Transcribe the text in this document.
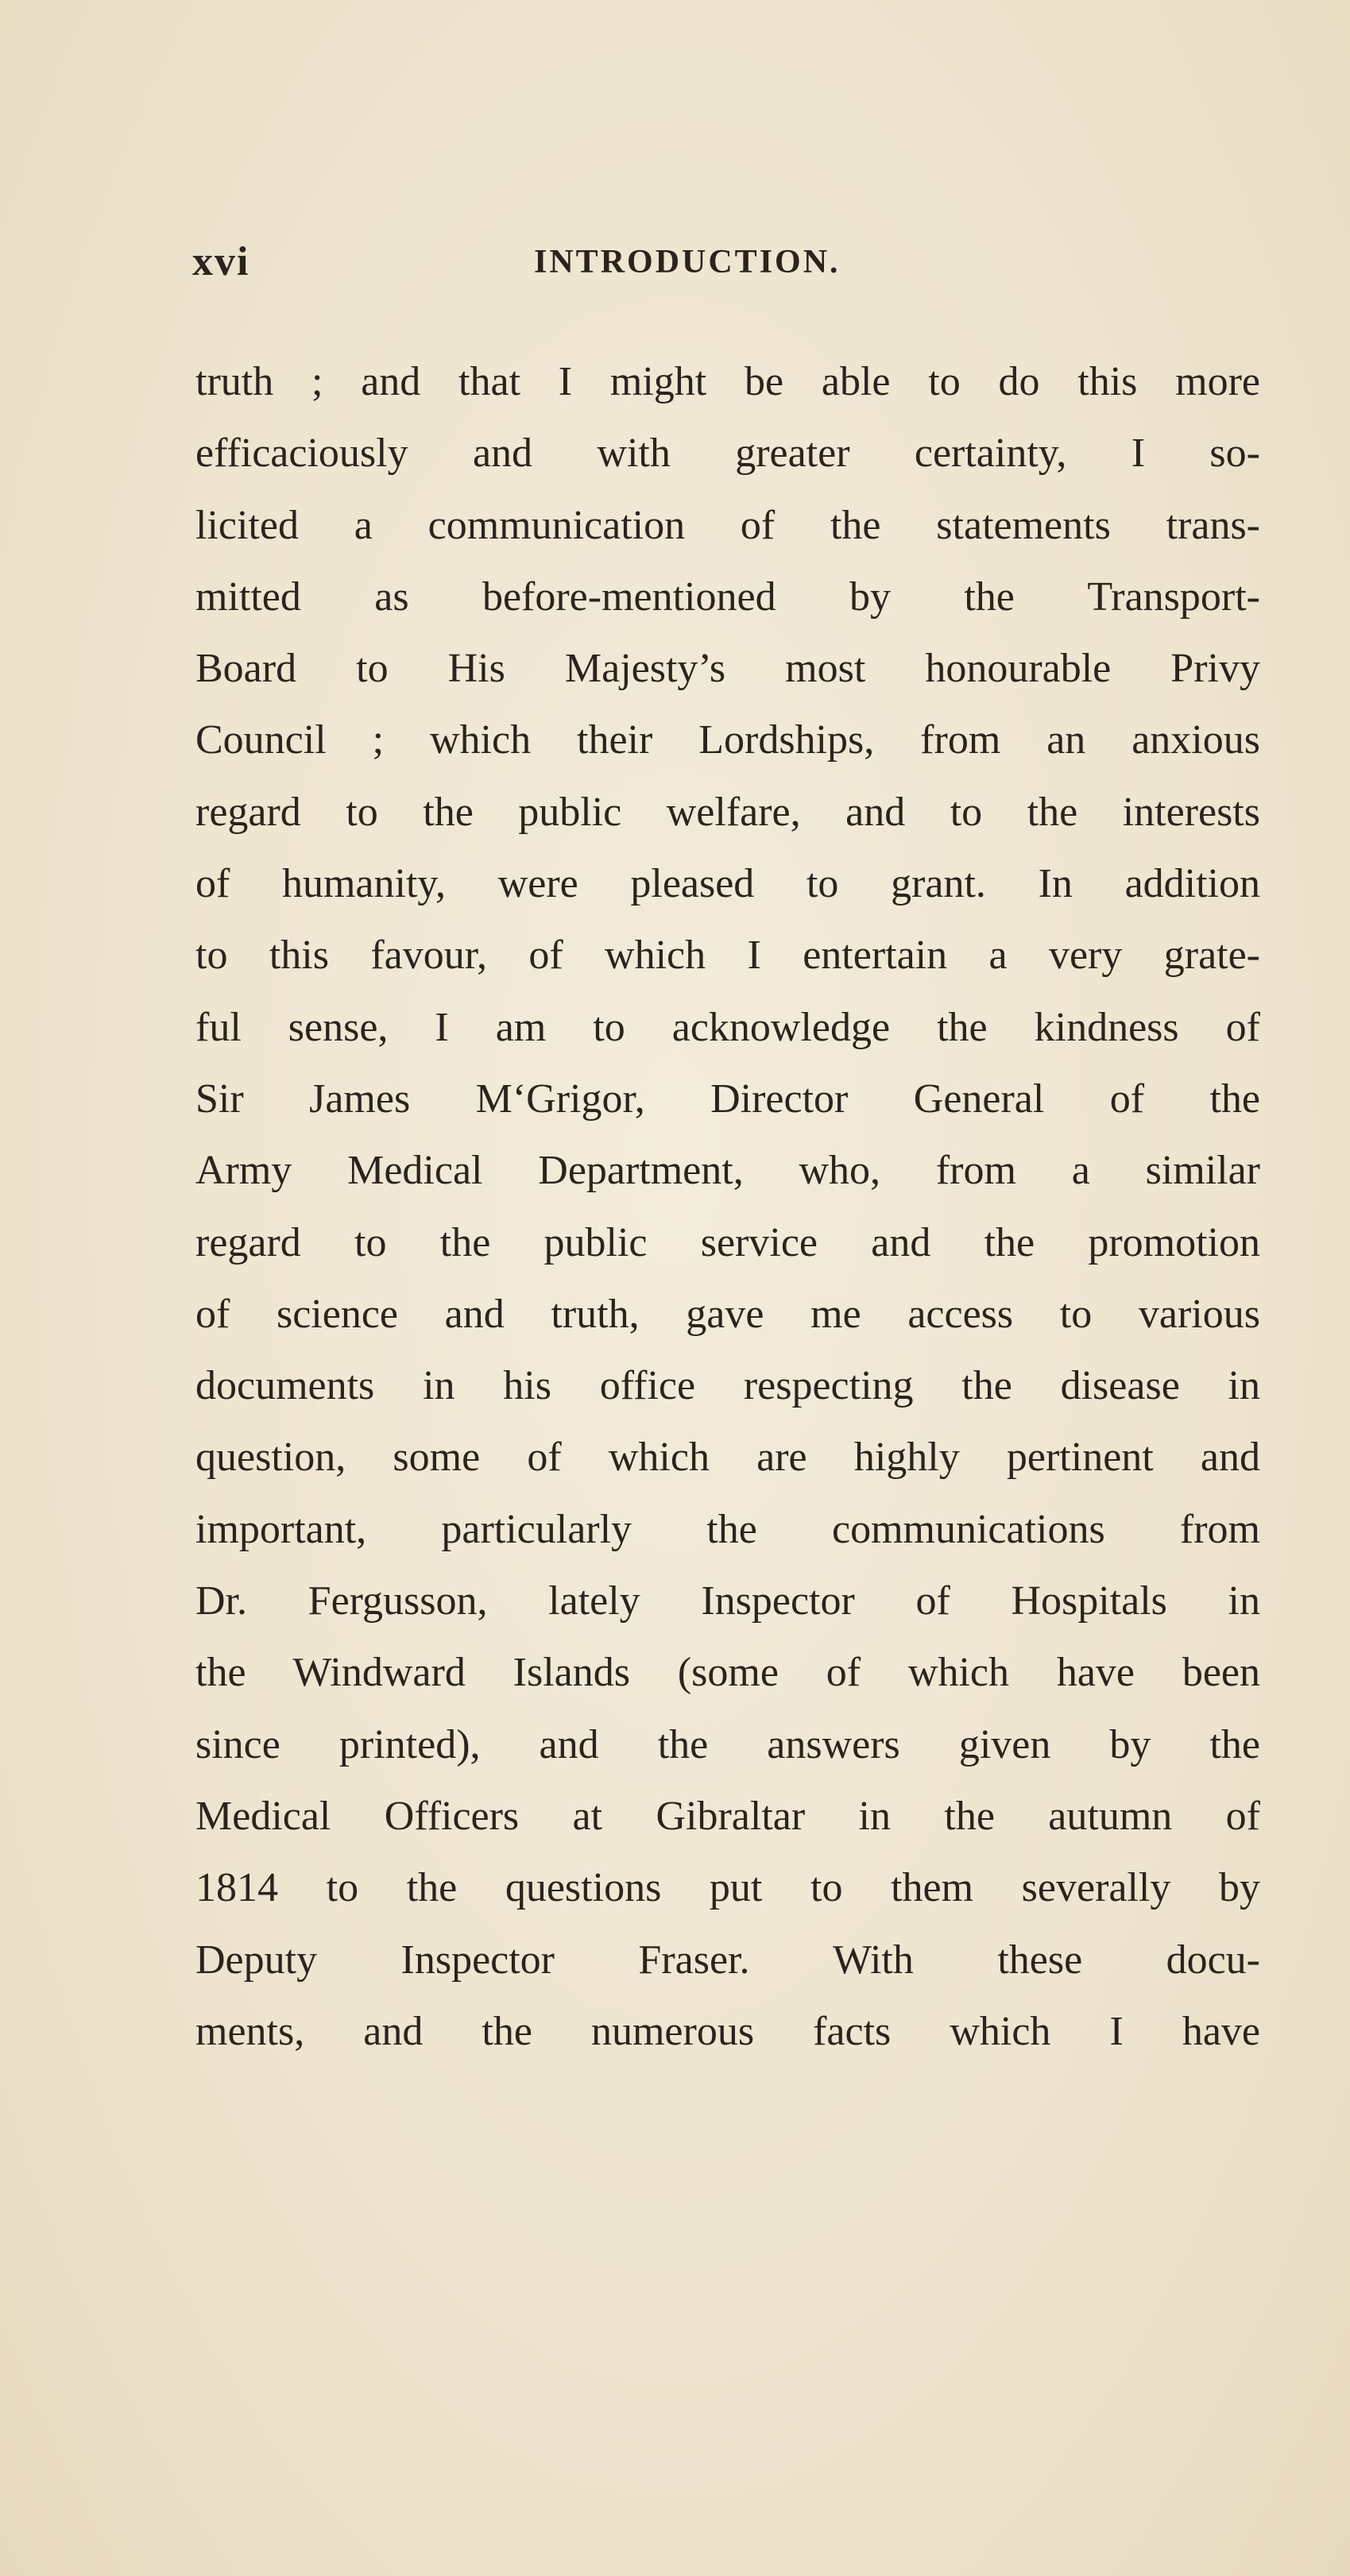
xvi	INTRODUCTION.
truth ; and that I might be able to do this more
efficaciously and with greater certainty, I so-
licited a communication of the statements trans-
mitted as before-mentioned by the Transport-
Board to His Majesty’s most honourable Privy
Council ; which their Lordships, from an anxious
regard to the public welfare, and to the interests
of humanity, were pleased to grant. In addition
to this favour, of which I entertain a very grate-
ful sense, I am to acknowledge the kindness of
Sir James M‘Grigor, Director General of the
Army Medical Department, who, from a similar
regard to the public service and the promotion
of science and truth, gave me access to various
documents in his office respecting the disease in
question, some of which are highly pertinent and
important, particularly the communications from
Dr. Fergusson, lately Inspector of Hospitals in
the Windward Islands (some of which have been
since printed), and the answers given by the
Medical Officers at Gibraltar in the autumn of
1814 to the questions put to them severally by
Deputy Inspector Fraser. With these docu-
ments, and the numerous facts which I have
